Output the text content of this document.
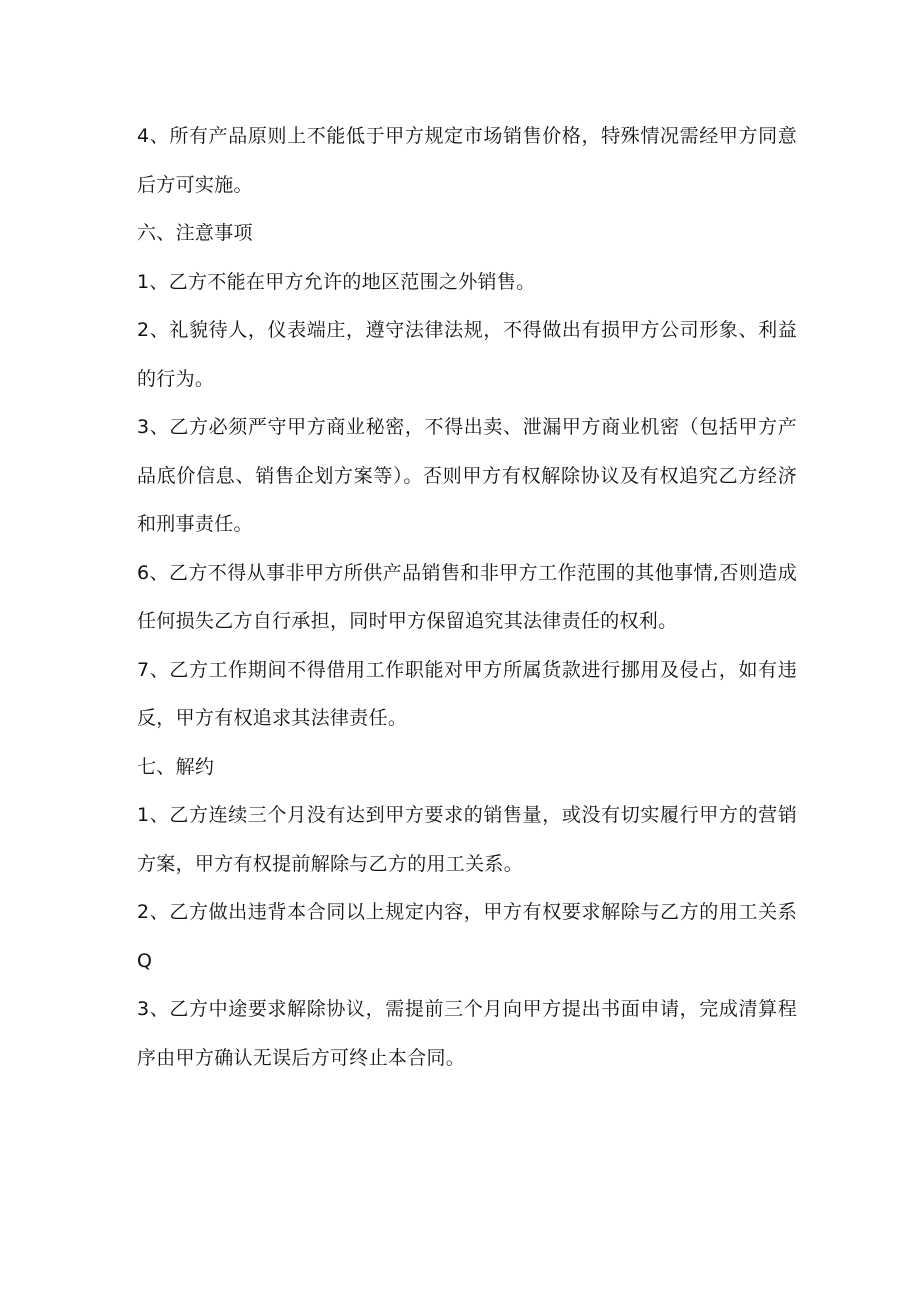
4、所有产品原则上不能低于甲方规定市场销售价格，特殊情况需经甲方同意后方可实施。

六、注意事项

1、乙方不能在甲方允许的地区范围之外销售。

2、礼貌待人，仪表端庄，遵守法律法规，不得做出有损甲方公司形象、利益的行为。

3、乙方必须严守甲方商业秘密，不得出卖、泄漏甲方商业机密（包括甲方产品底价信息、销售企划方案等）。否则甲方有权解除协议及有权追究乙方经济和刑事责任。

6、乙方不得从事非甲方所供产品销售和非甲方工作范围的其他事情,否则造成任何损失乙方自行承担，同时甲方保留追究其法律责任的权利。

7、乙方工作期间不得借用工作职能对甲方所属货款进行挪用及侵占，如有违反，甲方有权追求其法律责任。

七、解约

1、乙方连续三个月没有达到甲方要求的销售量，或没有切实履行甲方的营销方案，甲方有权提前解除与乙方的用工关系。

2、乙方做出违背本合同以上规定内容，甲方有权要求解除与乙方的用工关系Q

3、乙方中途要求解除协议，需提前三个月向甲方提出书面申请，完成清算程序由甲方确认无误后方可终止本合同。
